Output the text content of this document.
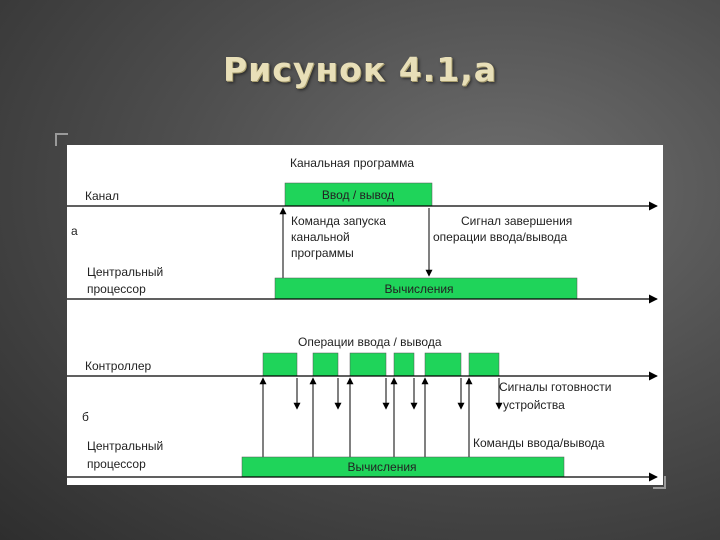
Рисунок 4.1,а
Канальная программа
Ввод / вывод
Канал
а
Команда запуска
канальной
программы
Сигнал завершения
операции ввода/вывода
Центральный
процессор	Вычисления
Операции ввода / вывода
Контроллер
Сигналы готовности
устройства
б
Команды ввода/вывода
Центральный
процессор	Вычисления
